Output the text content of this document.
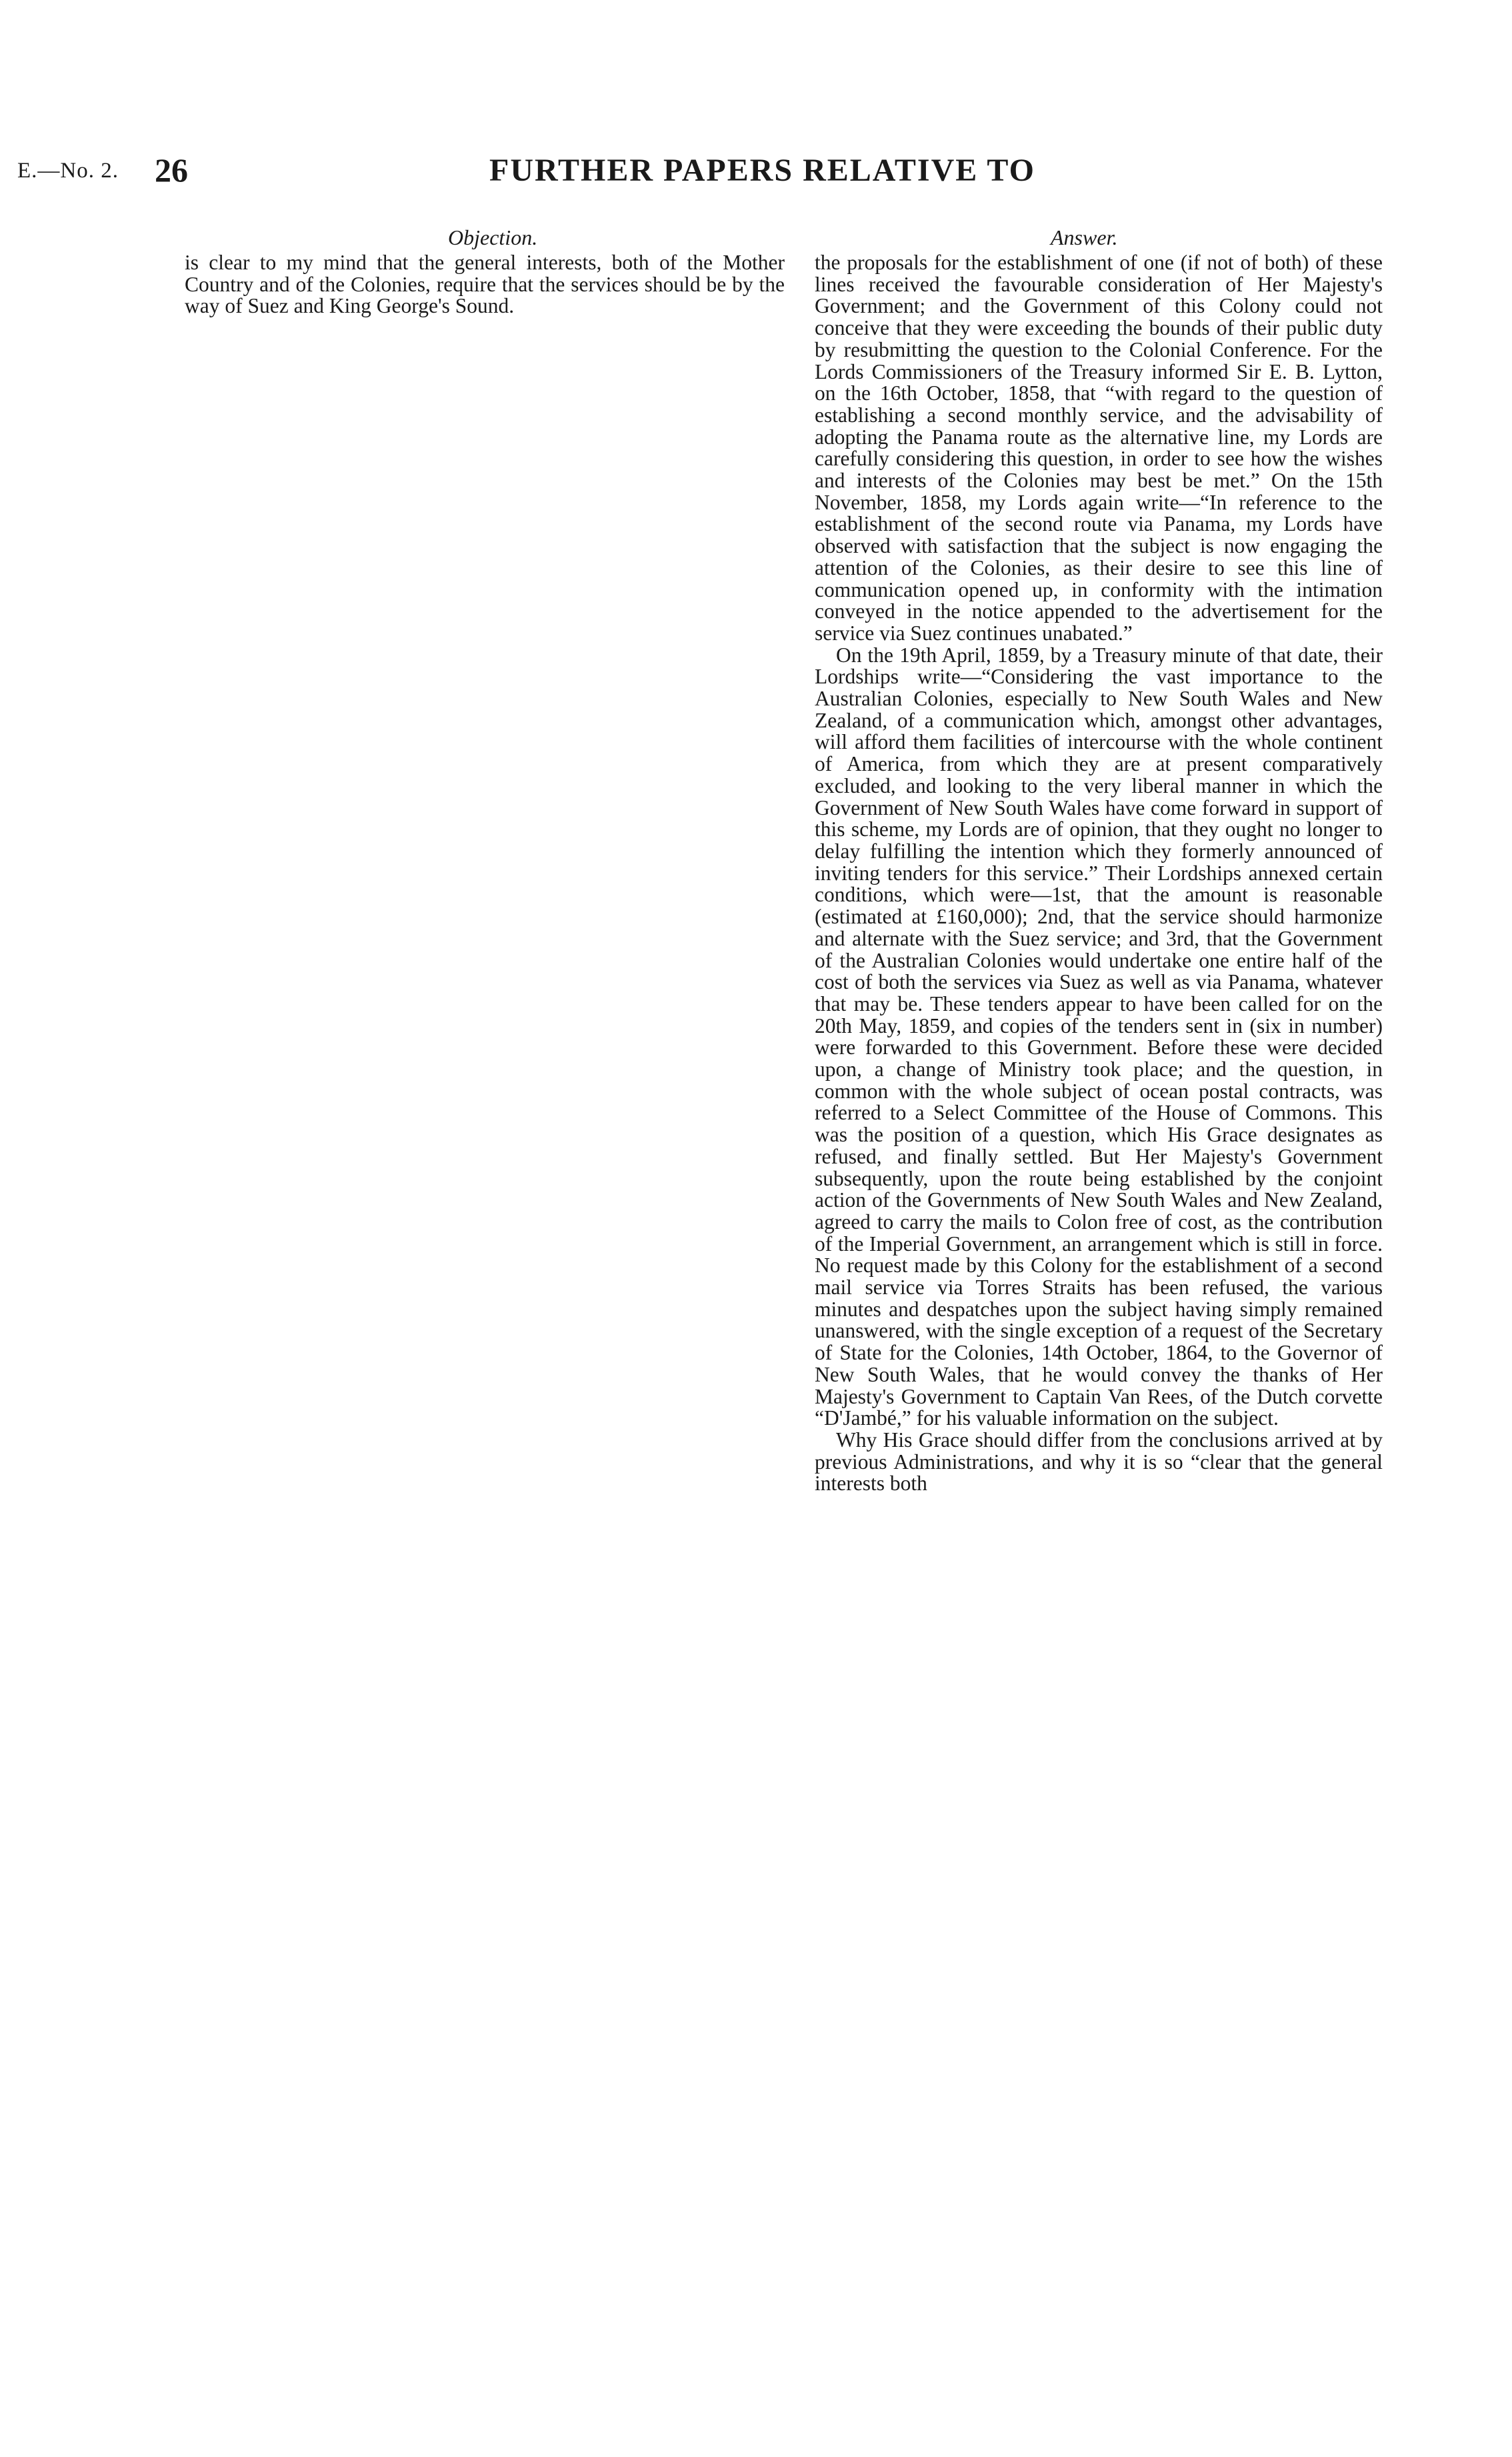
E.—No. 2. 26	FURTHER PAPERS RELATIVE TO
Objection.	Answer.

is clear to my mind that the general interests, both of the Mother Country and of the Colonies, require that the services should be by the way of Suez and King George's Sound.

the proposals for the establishment of one (if not of both) of these lines received the favourable consideration of Her Majesty's Government; and the Government of this Colony could not conceive that they were exceeding the bounds of their public duty by resubmitting the question to the Colonial Conference. For the Lords Commissioners of the Treasury informed Sir E. B. Lytton, on the 16th October, 1858, that “with regard to the question of establishing a second monthly service, and the advisability of adopting the Panama route as the alternative line, my Lords are carefully considering this question, in order to see how the wishes and interests of the Colonies may best be met.” On the 15th November, 1858, my Lords again write—“In reference to the establishment of the second route via Panama, my Lords have observed with satisfaction that the subject is now engaging the attention of the Colonies, as their desire to see this line of communication opened up, in conformity with the intimation conveyed in the notice appended to the advertisement for the service via Suez continues unabated.”

On the 19th April, 1859, by a Treasury minute of that date, their Lordships write—“Considering the vast importance to the Australian Colonies, especially to New South Wales and New Zealand, of a communication which, amongst other advantages, will afford them facilities of intercourse with the whole continent of America, from which they are at present comparatively excluded, and looking to the very liberal manner in which the Government of New South Wales have come forward in support of this scheme, my Lords are of opinion, that they ought no longer to delay fulfilling the intention which they formerly announced of inviting tenders for this service.” Their Lordships annexed certain conditions, which were—1st, that the amount is reasonable (estimated at £160,000); 2nd, that the service should harmonize and alternate with the Suez service; and 3rd, that the Government of the Australian Colonies would undertake one entire half of the cost of both the services via Suez as well as via Panama, whatever that may be. These tenders appear to have been called for on the 20th May, 1859, and copies of the tenders sent in (six in number) were forwarded to this Government. Before these were decided upon, a change of Ministry took place; and the question, in common with the whole subject of ocean postal contracts, was referred to a Select Committee of the House of Commons. This was the position of a question, which His Grace designates as refused, and finally settled. But Her Majesty's Government subsequently, upon the route being established by the conjoint action of the Governments of New South Wales and New Zealand, agreed to carry the mails to Colon free of cost, as the contribution of the Imperial Government, an arrangement which is still in force. No request made by this Colony for the establishment of a second mail service via Torres Straits has been refused, the various minutes and despatches upon the subject having simply remained unanswered, with the single exception of a request of the Secretary of State for the Colonies, 14th October, 1864, to the Governor of New South Wales, that he would convey the thanks of Her Majesty's Government to Captain Van Rees, of the Dutch corvette “D'Jambé,” for his valuable information on the subject.

Why His Grace should differ from the conclusions arrived at by previous Administrations, and why it is so “clear that the general interests both
